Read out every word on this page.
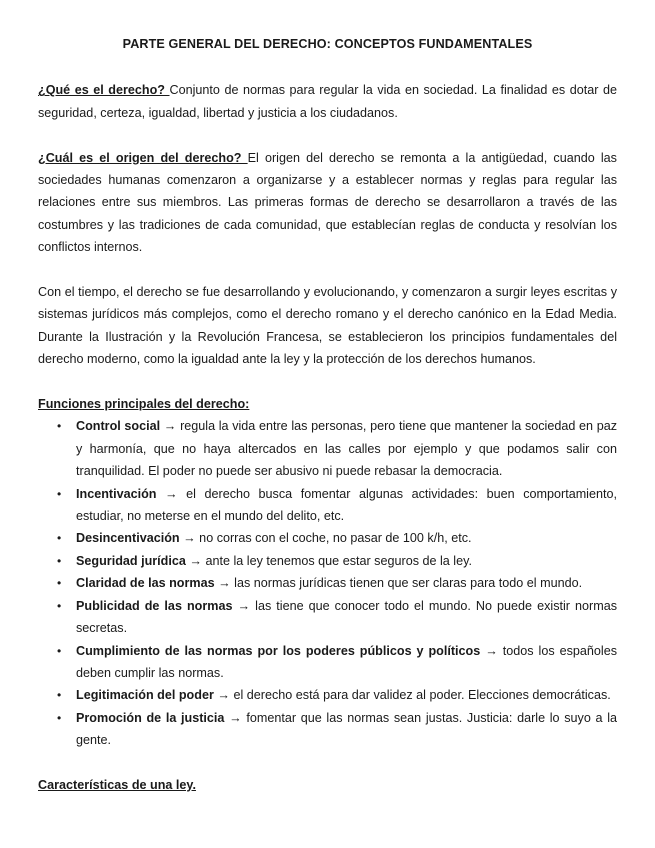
PARTE GENERAL DEL DERECHO: CONCEPTOS FUNDAMENTALES

¿Qué es el derecho? Conjunto de normas para regular la vida en sociedad. La finalidad es dotar de seguridad, certeza, igualdad, libertad y justicia a los ciudadanos.

¿Cuál es el origen del derecho? El origen del derecho se remonta a la antigüedad, cuando las sociedades humanas comenzaron a organizarse y a establecer normas y reglas para regular las relaciones entre sus miembros. Las primeras formas de derecho se desarrollaron a través de las costumbres y las tradiciones de cada comunidad, que establecían reglas de conducta y resolvían los conflictos internos.

Con el tiempo, el derecho se fue desarrollando y evolucionando, y comenzaron a surgir leyes escritas y sistemas jurídicos más complejos, como el derecho romano y el derecho canónico en la Edad Media. Durante la Ilustración y la Revolución Francesa, se establecieron los principios fundamentales del derecho moderno, como la igualdad ante la ley y la protección de los derechos humanos.

Funciones principales del derecho:

• Control social → regula la vida entre las personas, pero tiene que mantener la sociedad en paz y harmonía, que no haya altercados en las calles por ejemplo y que podamos salir con tranquilidad. El poder no puede ser abusivo ni puede rebasar la democracia.
• Incentivación → el derecho busca fomentar algunas actividades: buen comportamiento, estudiar, no meterse en el mundo del delito, etc.
• Desincentivación → no corras con el coche, no pasar de 100 k/h, etc.
• Seguridad jurídica → ante la ley tenemos que estar seguros de la ley.
• Claridad de las normas → las normas jurídicas tienen que ser claras para todo el mundo.
• Publicidad de las normas → las tiene que conocer todo el mundo. No puede existir normas secretas.
• Cumplimiento de las normas por los poderes públicos y políticos → todos los españoles deben cumplir las normas.
• Legitimación del poder → el derecho está para dar validez al poder. Elecciones democráticas.
• Promoción de la justicia → fomentar que las normas sean justas. Justicia: darle lo suyo a la gente.

Características de una ley.
